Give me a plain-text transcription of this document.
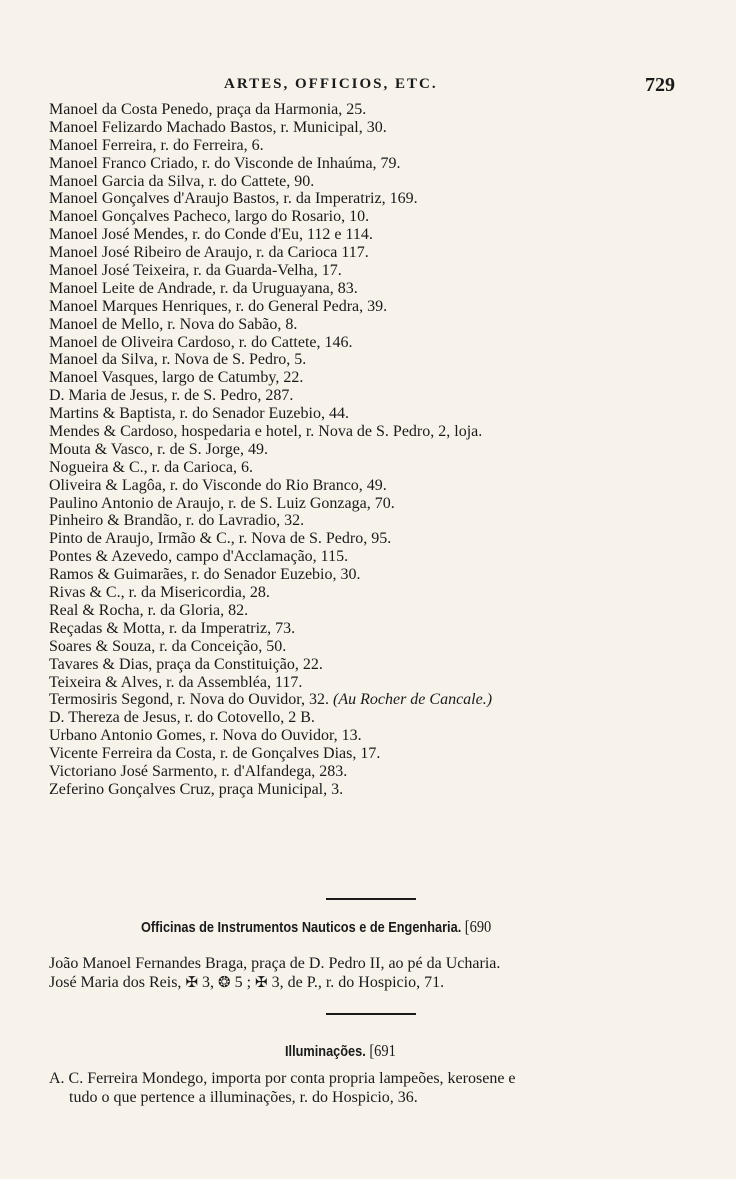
ARTES, OFFICIOS, ETC.	729
Manoel da Costa Penedo, praça da Harmonia, 25.
Manoel Felizardo Machado Bastos, r. Municipal, 30.
Manoel Ferreira, r. do Ferreira, 6.
Manoel Franco Criado, r. do Visconde de Inhaúma, 79.
Manoel Garcia da Silva, r. do Cattete, 90.
Manoel Gonçalves d'Araujo Bastos, r. da Imperatriz, 169.
Manoel Gonçalves Pacheco, largo do Rosario, 10.
Manoel José Mendes, r. do Conde d'Eu, 112 e 114.
Manoel José Ribeiro de Araujo, r. da Carioca 117.
Manoel José Teixeira, r. da Guarda-Velha, 17.
Manoel Leite de Andrade, r. da Uruguayana, 83.
Manoel Marques Henriques, r. do General Pedra, 39.
Manoel de Mello, r. Nova do Sabão, 8.
Manoel de Oliveira Cardoso, r. do Cattete, 146.
Manoel da Silva, r. Nova de S. Pedro, 5.
Manoel Vasques, largo de Catumby, 22.
D. Maria de Jesus, r. de S. Pedro, 287.
Martins & Baptista, r. do Senador Euzebio, 44.
Mendes & Cardoso, hospedaria e hotel, r. Nova de S. Pedro, 2, loja.
Mouta & Vasco, r. de S. Jorge, 49.
Nogueira & C., r. da Carioca, 6.
Oliveira & Lagôa, r. do Visconde do Rio Branco, 49.
Paulino Antonio de Araujo, r. de S. Luiz Gonzaga, 70.
Pinheiro & Brandão, r. do Lavradio, 32.
Pinto de Araujo, Irmão & C., r. Nova de S. Pedro, 95.
Pontes & Azevedo, campo d'Acclamação, 115.
Ramos & Guimarães, r. do Senador Euzebio, 30.
Rivas & C., r. da Misericordia, 28.
Real & Rocha, r. da Gloria, 82.
Reçadas & Motta, r. da Imperatriz, 73.
Soares & Souza, r. da Conceição, 50.
Tavares & Dias, praça da Constituição, 22.
Teixeira & Alves, r. da Assembléa, 117.
Termosiris Segond, r. Nova do Ouvidor, 32. (Au Rocher de Cancale.)
D. Thereza de Jesus, r. do Cotovello, 2 B.
Urbano Antonio Gomes, r. Nova do Ouvidor, 13.
Vicente Ferreira da Costa, r. de Gonçalves Dias, 17.
Victoriano José Sarmento, r. d'Alfandega, 283.
Zeferino Gonçalves Cruz, praça Municipal, 3.
Officinas de Instrumentos Nauticos e de Engenharia. [690
João Manoel Fernandes Braga, praça de D. Pedro II, ao pé da Ucharia.
José Maria dos Reis, ✠ 3, ❂ 5 ; ✠ 3, de P., r. do Hospicio, 71.
Illuminações. [691
A. C. Ferreira Mondego, importa por conta propria lampeões, kerosene e
tudo o que pertence a illuminações, r. do Hospicio, 36.
